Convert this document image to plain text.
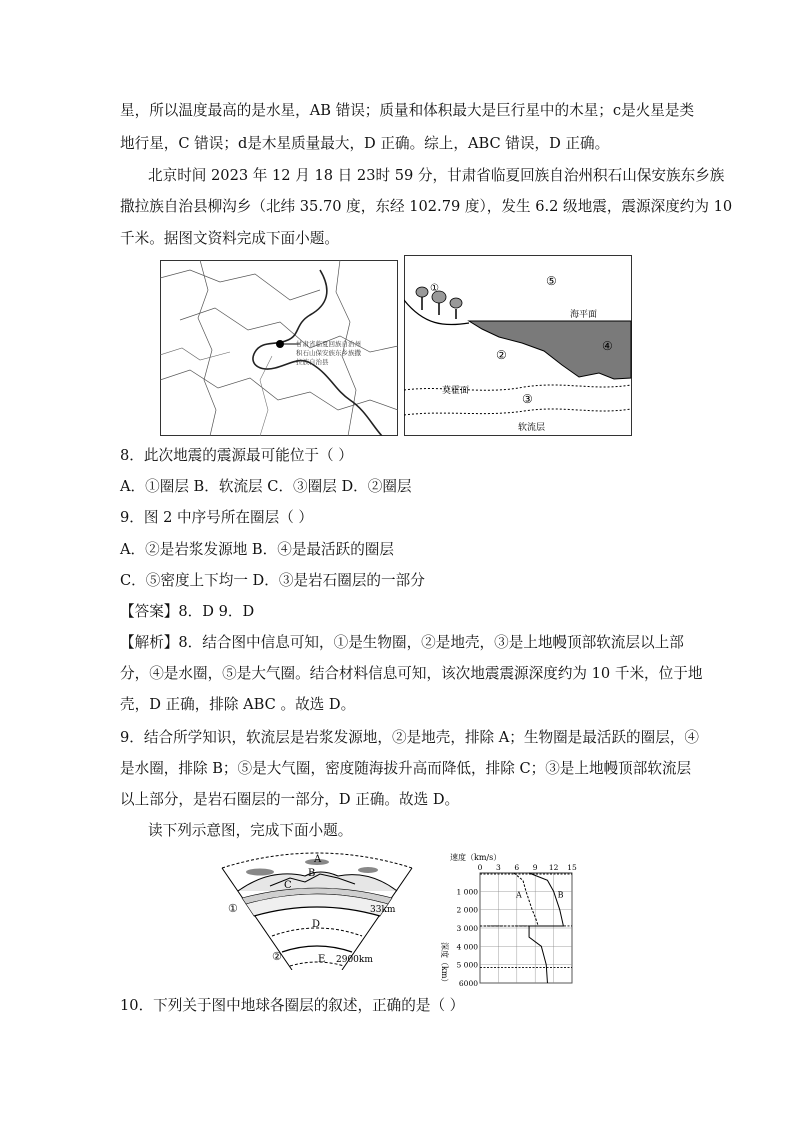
星，所以温度最高的是水星，AB 错误；质量和体积最大是巨行星中的木星；c是火星是类
地行星，C 错误；d是木星质量最大，D 正确。综上，ABC 错误，D 正确。
北京时间 2023 年 12 月 18 日 23时 59 分，甘肃省临夏回族自治州积石山保安族东乡族
撒拉族自治县柳沟乡（北纬 35.70 度，东经 102.79 度），发生 6.2 级地震，震源深度约为 10
千米。据图文资料完成下面小题。
甘肃省临夏回族自治州
积石山保安族东乡族撒
拉族自治县
⑤
①
海平面
②
④
莫霍面
③
软流层
8．此次地震的震源最可能位于（ ）
A．①圈层 B．软流层 C．③圈层 D．②圈层
9．图 2 中序号所在圈层（ ）
A．②是岩浆发源地 B．④是最活跃的圈层
C．⑤密度上下均一 D．③是岩石圈层的一部分
【答案】8．D 9．D
【解析】8．结合图中信息可知，①是生物圈，②是地壳，③是上地幔顶部软流层以上部
分，④是水圈，⑤是大气圈。结合材料信息可知，该次地震震源深度约为 10 千米，位于地
壳，D 正确，排除 ABC 。故选 D。
9．结合所学知识，软流层是岩浆发源地，②是地壳，排除 A；生物圈是最活跃的圈层，④
是水圈，排除 B；⑤是大气圈，密度随海拔升高而降低，排除 C；③是上地幔顶部软流层
以上部分，是岩石圈层的一部分，D 正确。故选 D。
读下列示意图，完成下面小题。
A
B
C
D
E
①
②
33km
2900km
速度（km/s）
深度（km）
0 3 6 9 12 15
1 000
2 000
3 000
4 000
5 000
6000
A	B
10．下列关于图中地球各圈层的叙述，正确的是（ ）
